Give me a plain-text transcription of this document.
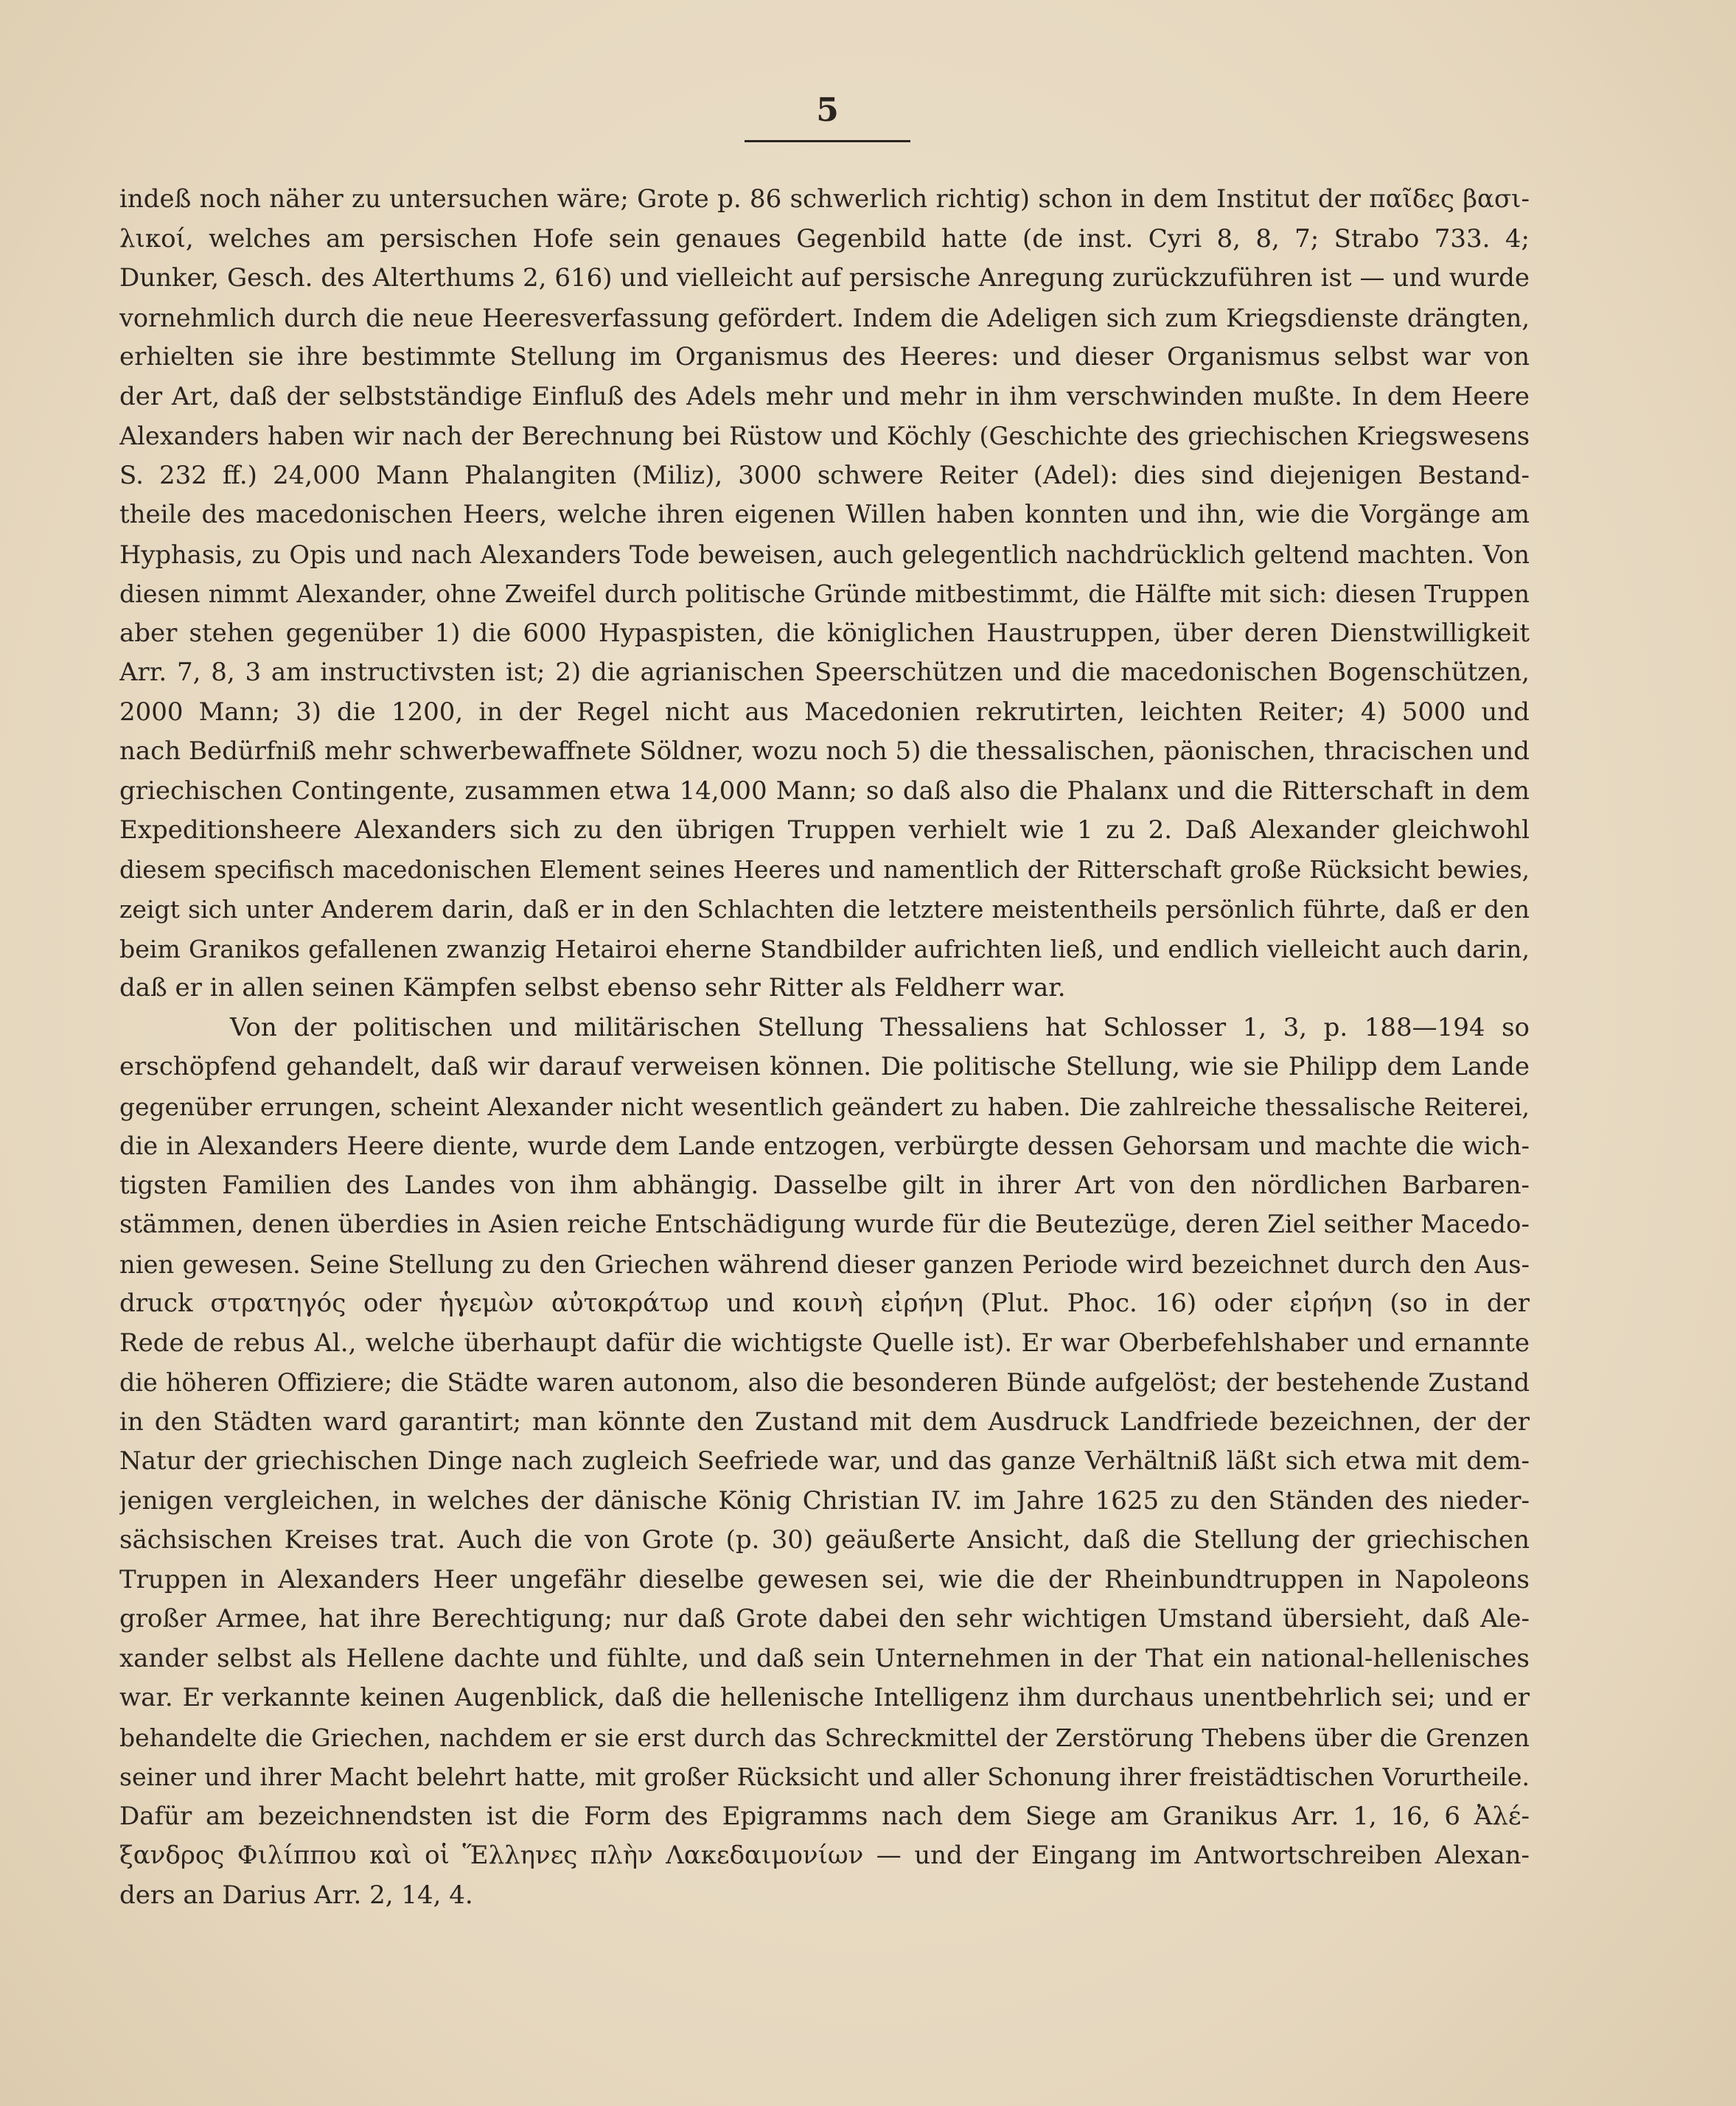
5
indeß noch näher zu untersuchen wäre; Grote p. 86 schwerlich richtig) schon in dem Institut der παῖδες βασι-
λικοί, welches am persischen Hofe sein genaues Gegenbild hatte (de inst. Cyri 8, 8, 7; Strabo 733. 4;
Dunker, Gesch. des Alterthums 2, 616) und vielleicht auf persische Anregung zurückzuführen ist — und wurde
vornehmlich durch die neue Heeresverfassung gefördert. Indem die Adeligen sich zum Kriegsdienste drängten,
erhielten sie ihre bestimmte Stellung im Organismus des Heeres: und dieser Organismus selbst war von
der Art, daß der selbstständige Einfluß des Adels mehr und mehr in ihm verschwinden mußte. In dem Heere
Alexanders haben wir nach der Berechnung bei Rüstow und Köchly (Geschichte des griechischen Kriegswesens
S. 232 ff.) 24,000 Mann Phalangiten (Miliz), 3000 schwere Reiter (Adel): dies sind diejenigen Bestand-
theile des macedonischen Heers, welche ihren eigenen Willen haben konnten und ihn, wie die Vorgänge am
Hyphasis, zu Opis und nach Alexanders Tode beweisen, auch gelegentlich nachdrücklich geltend machten. Von
diesen nimmt Alexander, ohne Zweifel durch politische Gründe mitbestimmt, die Hälfte mit sich: diesen Truppen
aber stehen gegenüber 1) die 6000 Hypaspisten, die königlichen Haustruppen, über deren Dienstwilligkeit
Arr. 7, 8, 3 am instructivsten ist; 2) die agrianischen Speerschützen und die macedonischen Bogenschützen,
2000 Mann; 3) die 1200, in der Regel nicht aus Macedonien rekrutirten, leichten Reiter; 4) 5000 und
nach Bedürfniß mehr schwerbewaffnete Söldner, wozu noch 5) die thessalischen, päonischen, thracischen und
griechischen Contingente, zusammen etwa 14,000 Mann; so daß also die Phalanx und die Ritterschaft in dem
Expeditionsheere Alexanders sich zu den übrigen Truppen verhielt wie 1 zu 2. Daß Alexander gleichwohl
diesem specifisch macedonischen Element seines Heeres und namentlich der Ritterschaft große Rücksicht bewies,
zeigt sich unter Anderem darin, daß er in den Schlachten die letztere meistentheils persönlich führte, daß er den
beim Granikos gefallenen zwanzig Hetairoi eherne Standbilder aufrichten ließ, und endlich vielleicht auch darin,
daß er in allen seinen Kämpfen selbst ebenso sehr Ritter als Feldherr war.
Von der politischen und militärischen Stellung Thessaliens hat Schlosser 1, 3, p. 188—194 so
erschöpfend gehandelt, daß wir darauf verweisen können. Die politische Stellung, wie sie Philipp dem Lande
gegenüber errungen, scheint Alexander nicht wesentlich geändert zu haben. Die zahlreiche thessalische Reiterei,
die in Alexanders Heere diente, wurde dem Lande entzogen, verbürgte dessen Gehorsam und machte die wich-
tigsten Familien des Landes von ihm abhängig. Dasselbe gilt in ihrer Art von den nördlichen Barbaren-
stämmen, denen überdies in Asien reiche Entschädigung wurde für die Beutezüge, deren Ziel seither Macedo-
nien gewesen. Seine Stellung zu den Griechen während dieser ganzen Periode wird bezeichnet durch den Aus-
druck στρατηγός oder ἡγεμὼν αὐτοκράτωρ und κοινὴ εἰρήνη (Plut. Phoc. 16) oder εἰρήνη (so in der
Rede de rebus Al., welche überhaupt dafür die wichtigste Quelle ist). Er war Oberbefehlshaber und ernannte
die höheren Offiziere; die Städte waren autonom, also die besonderen Bünde aufgelöst; der bestehende Zustand
in den Städten ward garantirt; man könnte den Zustand mit dem Ausdruck Landfriede bezeichnen, der der
Natur der griechischen Dinge nach zugleich Seefriede war, und das ganze Verhältniß läßt sich etwa mit dem-
jenigen vergleichen, in welches der dänische König Christian IV. im Jahre 1625 zu den Ständen des nieder-
sächsischen Kreises trat. Auch die von Grote (p. 30) geäußerte Ansicht, daß die Stellung der griechischen
Truppen in Alexanders Heer ungefähr dieselbe gewesen sei, wie die der Rheinbundtruppen in Napoleons
großer Armee, hat ihre Berechtigung; nur daß Grote dabei den sehr wichtigen Umstand übersieht, daß Ale-
xander selbst als Hellene dachte und fühlte, und daß sein Unternehmen in der That ein national-hellenisches
war. Er verkannte keinen Augenblick, daß die hellenische Intelligenz ihm durchaus unentbehrlich sei; und er
behandelte die Griechen, nachdem er sie erst durch das Schreckmittel der Zerstörung Thebens über die Grenzen
seiner und ihrer Macht belehrt hatte, mit großer Rücksicht und aller Schonung ihrer freistädtischen Vorurtheile.
Dafür am bezeichnendsten ist die Form des Epigramms nach dem Siege am Granikus Arr. 1, 16, 6 Ἀλέ-
ξανδρος Φιλίππου καὶ οἱ Ἕλληνες πλὴν Λακεδαιμονίων — und der Eingang im Antwortschreiben Alexan-
ders an Darius Arr. 2, 14, 4.
